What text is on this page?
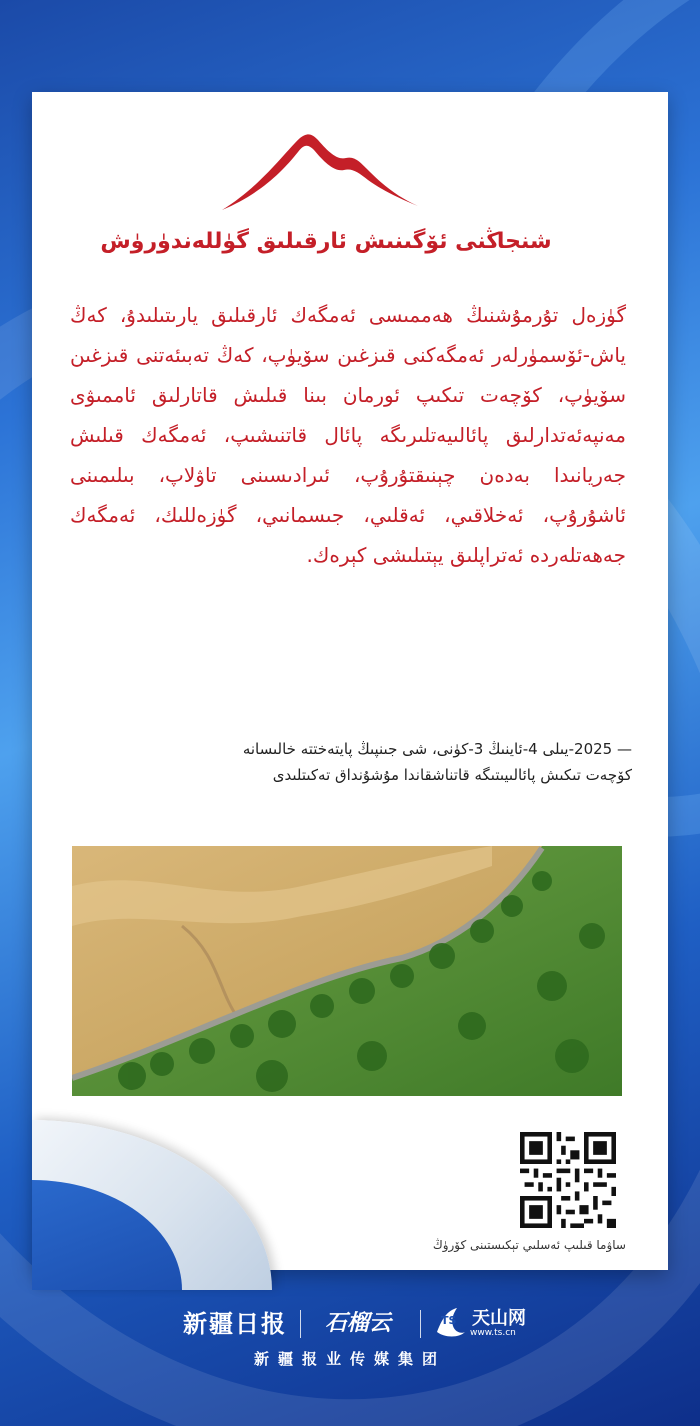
شنجاڭنى ئۆگىنىش ئارقىلىق گۈللەندۈرۈش
گۈزەل تۇرمۇشنىڭ ھەممىسى ئەمگەك ئارقىلىق يارىتىلىدۇ، كەڭ ياش-ئۆسمۈرلەر ئەمگەكنى قىزغىن سۆيۈپ، كەڭ تەبىئەتنى قىزغىن سۆيۈپ، كۆچەت تىكىپ ئورمان بىنا قىلىش قاتارلىق ئاممىۋى مەنپەئەتدارلىق پائالىيەتلىرىگە پائال قاتنىشىپ، ئەمگەك قىلىش جەريانىدا بەدەن چېنىقتۇرۇپ، ئىرادىسىنى تاۋلاپ، بىلىمىنى ئاشۇرۇپ، ئەخلاقىي، ئەقلىي، جىسمانىي، گۈزەللىك، ئەمگەك جەھەتلەردە ئەتراپلىق يېتىلىشى كېرەك.
— 2025-يىلى 4-ئاينىڭ 3-كۈنى، شى جىنپىڭ پايتەختتە خالىسانە
كۆچەت تىكىش پائالىيىتىگە قاتناشقاندا مۇشۇنداق تەكىتلىدى
ساۋما قىلىپ ئەسلىي تېكىستىنى كۆرۈڭ
新疆日报 石榴云	TS 天山网
www.ts.cn
新疆报业传媒集团
